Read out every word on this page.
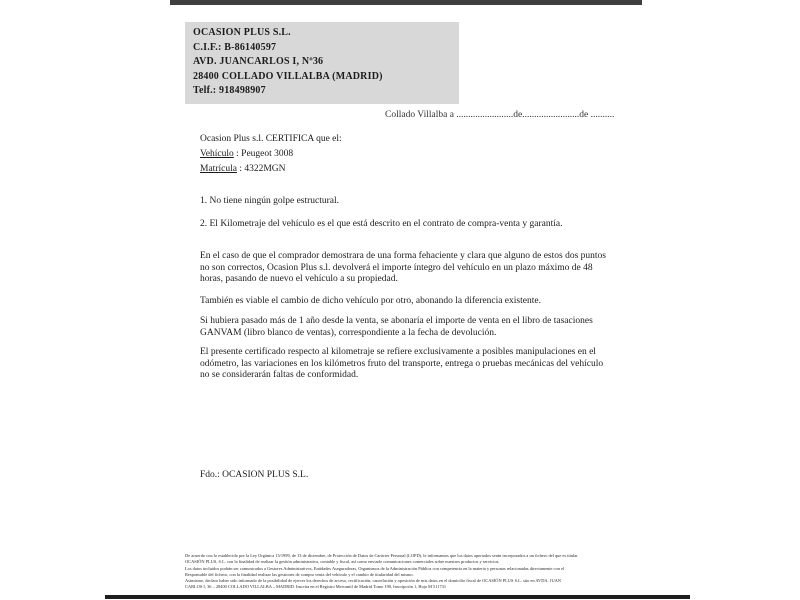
OCASION PLUS S.L.
C.I.F.: B-86140597
AVD. JUANCARLOS I, Nº36
28400 COLLADO VILLALBA (MADRID)
Telf.: 918498907
Collado Villalba a ........................de........................de ..........
Ocasion Plus s.l. CERTIFICA que el:
Vehículo : Peugeot 3008
Matrícula : 4322MGN
1. No tiene ningún golpe estructural.
2. El Kilometraje del vehículo es el que está descrito en el contrato de compra-venta y garantía.
En el caso de que el comprador demostrara de una forma fehaciente y clara que alguno de estos dos puntos no son correctos, Ocasion Plus s.l. devolverá el importe íntegro del vehículo en un plazo máximo de 48 horas, pasando de nuevo el vehículo a su propiedad.
También es viable el cambio de dicho vehículo por otro, abonando la diferencia existente.
Si hubiera pasado más de 1 año desde la venta, se abonaría el importe de venta en el libro de tasaciones GANVAM (libro blanco de ventas), correspondiente a la fecha de devolución.
El presente certificado respecto al kilometraje se refiere exclusivamente a posibles manipulaciones en el odómetro, las variaciones en los kilómetros fruto del transporte, entrega o pruebas mecánicas del vehículo no se considerarán faltas de conformidad.
Fdo.: OCASION PLUS S.L.
De acuerdo con lo establecido por la Ley Orgánica 15/1999, de 13 de diciembre, de Protección de Datos de Carácter Personal (LOPD), le informamos que los datos aportados serán incorporados a un fichero del que es titular
OCASIÓN PLUS, S.L. con la finalidad de realizar la gestión administrativa, contable y fiscal, así como enviarle comunicaciones comerciales sobre nuestros productos y servicios.
Los datos incluidos podrán ser comunicados a Gestores Administrativos, Entidades Aseguradoras, Organismos de la Administración Pública con competencia en la materia y personas relacionadas directamente con el
Responsable del fichero, con la finalidad realizar las gestiones de compra venta del vehículo y el cambio de titularidad del mismo.
Asimismo, declaro haber sido informado de la posibilidad de ejercer los derechos de acceso, rectificación, cancelación y oposición de mis datos en el domicilio fiscal de OCASIÓN PLUS S.L. sito en AVDA. JUAN
CARLOS I, 36 – 28400 COLLADO VILLALBA – MADRID. Inscrita en el Registro Mercantil de Madrid Tomo 190, Inscripción 1, Hoja M 511731
